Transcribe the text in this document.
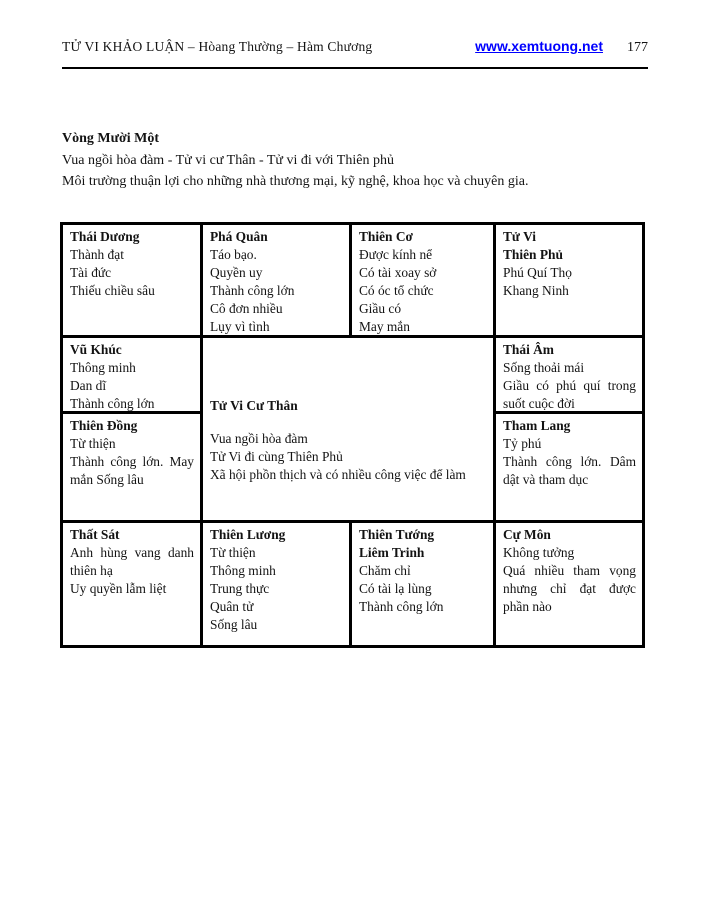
TỬ VI KHẢO LUẬN – Hòang Thường – Hàm Chương	www.xemtuong.net 177
Vòng Mười Một
Vua ngồi hòa đàm - Tử vi cư Thân - Tử vi đi với Thiên phủ
Môi trường thuận lợi cho những nhà thương mại, kỹ nghệ, khoa học và chuyên gia.
Thái Dương
Thành đạt
Tài đức
Thiếu chiều sâu
Phá Quân
Táo bạo.
Quyền uy
Thành công lớn
Cô đơn nhiều
Lụy vì tình
Thiên Cơ
Được kính nể
Có tài xoay sở
Có óc tổ chức
Giầu có
May mắn
Tử Vi
Thiên Phủ
Phú Quí Thọ
Khang Ninh
Vũ Khúc
Thông minh
Dan dĩ
Thành công lớn	Tử Vi Cư Thân
Vua ngồi hòa đàm
Tử Vi đi cùng Thiên Phủ
Xã hội phồn thịch và có nhiều công việc để làm
Thái Âm
Sống thoải mái
Giầu có phú quí trong suốt cuộc đời
Thiên Đồng
Từ thiện
Thành công lớn. May mắn Sống lâu
Tham Lang
Tỷ phú
Thành công lớn. Dâm dật và tham dục
Thất Sát
Anh hùng vang danh thiên hạ
Uy quyền lẫm liệt
Thiên Lương
Từ thiện
Thông minh
Trung thực
Quân tử
Sống lâu
Thiên Tướng
Liêm Trinh
Chăm chỉ
Có tài lạ lùng
Thành công lớn
Cự Môn
Không tưởng
Quá nhiều tham vọng nhưng chỉ đạt được phần nào
